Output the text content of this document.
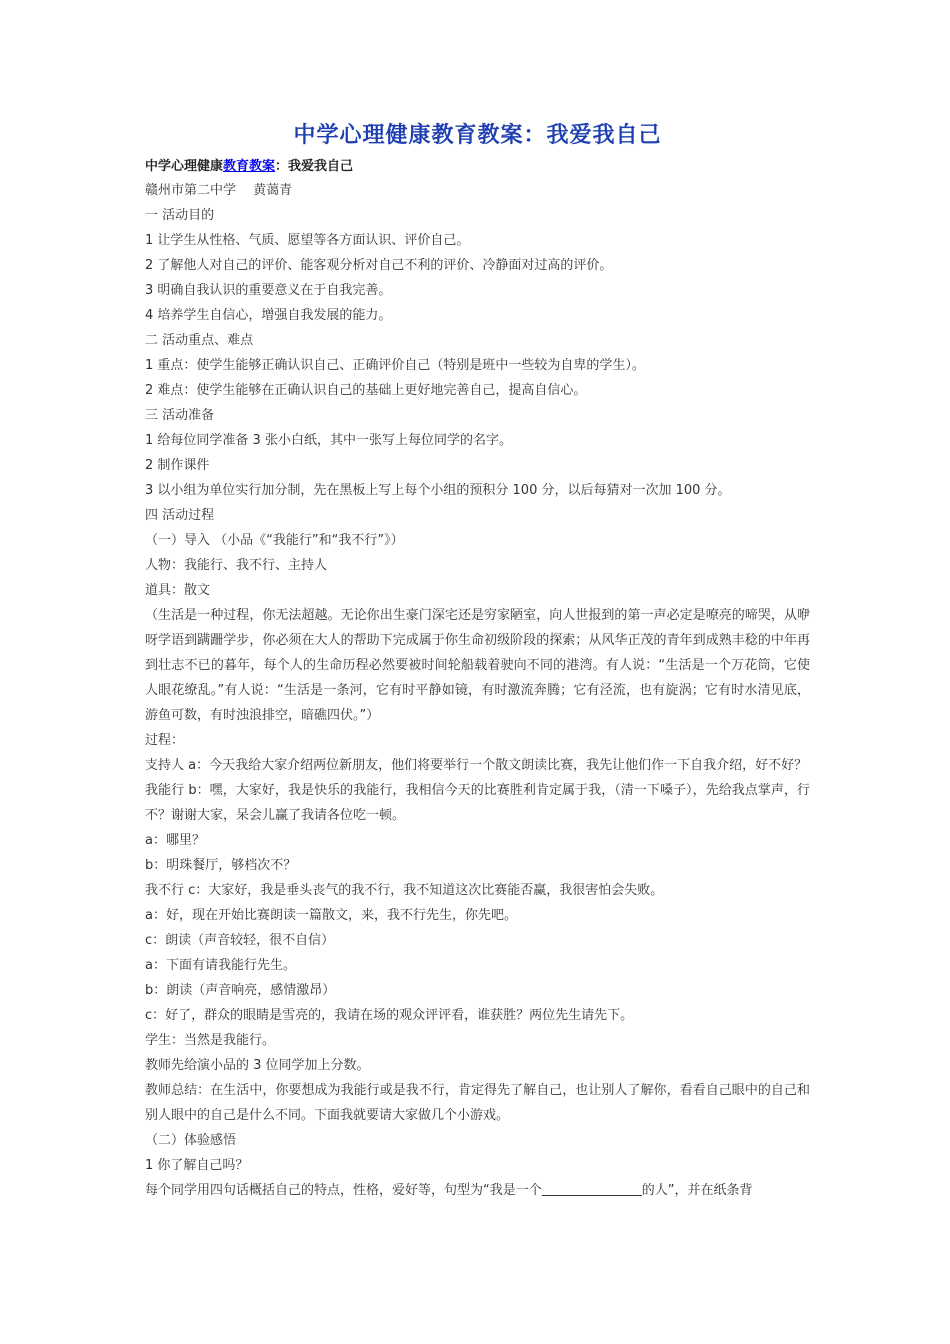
中学心理健康教育教案：我爱我自己

中学心理健康教育教案：我爱我自己

赣州市第二中学　 黄蔼青

一 活动目的

1 让学生从性格、气质、愿望等各方面认识、评价自己。

2 了解他人对自己的评价、能客观分析对自己不利的评价、冷静面对过高的评价。

3 明确自我认识的重要意义在于自我完善。

4 培养学生自信心，增强自我发展的能力。

二 活动重点、难点

1 重点：使学生能够正确认识自己、正确评价自己（特别是班中一些较为自卑的学生）。

2 难点：使学生能够在正确认识自己的基础上更好地完善自己，提高自信心。

三 活动准备

1 给每位同学准备 3 张小白纸，其中一张写上每位同学的名字。

2 制作课件

3 以小组为单位实行加分制，先在黑板上写上每个小组的预积分 100 分，以后每猜对一次加 100 分。

四 活动过程

（一）导入 （小品《“我能行”和“我不行”》）

人物：我能行、我不行、主持人

道具：散文

（生活是一种过程，你无法超越。无论你出生豪门深宅还是穷家陋室，向人世报到的第一声必定是嘹亮的啼哭，从咿呀学语到蹒跚学步，你必须在大人的帮助下完成属于你生命初级阶段的探索；从风华正茂的青年到成熟丰稔的中年再到壮志不已的暮年，每个人的生命历程必然要被时间轮船载着驶向不同的港湾。有人说：“生活是一个万花筒，它使人眼花缭乱。”有人说：“生活是一条河，它有时平静如镜，有时激流奔腾；它有泾流，也有旋涡；它有时水清见底，游鱼可数，有时浊浪排空，暗礁四伏。”）

过程：

支持人 a：今天我给大家介绍两位新朋友，他们将要举行一个散文朗读比赛，我先让他们作一下自我介绍，好不好？

我能行 b：嘿，大家好，我是快乐的我能行，我相信今天的比赛胜利肯定属于我，（清一下嗓子），先给我点掌声，行不？谢谢大家，呆会儿赢了我请各位吃一顿。

a：哪里？

b：明珠餐厅，够档次不？

我不行 c：大家好，我是垂头丧气的我不行，我不知道这次比赛能否赢，我很害怕会失败。

a：好，现在开始比赛朗读一篇散文，来，我不行先生，你先吧。

c：朗读（声音较轻，很不自信）

a：下面有请我能行先生。

b：朗读（声音响亮，感情激昂）

c：好了，群众的眼睛是雪亮的，我请在场的观众评评看，谁获胜？两位先生请先下。

学生：当然是我能行。

教师先给演小品的 3 位同学加上分数。

教师总结：在生活中，你要想成为我能行或是我不行，肯定得先了解自己，也让别人了解你，看看自己眼中的自己和别人眼中的自己是什么不同。下面我就要请大家做几个小游戏。

（二）体验感悟

1 你了解自己吗？

每个同学用四句话概括自己的特点，性格，爱好等，句型为“我是一个	的人”，并在纸条背
